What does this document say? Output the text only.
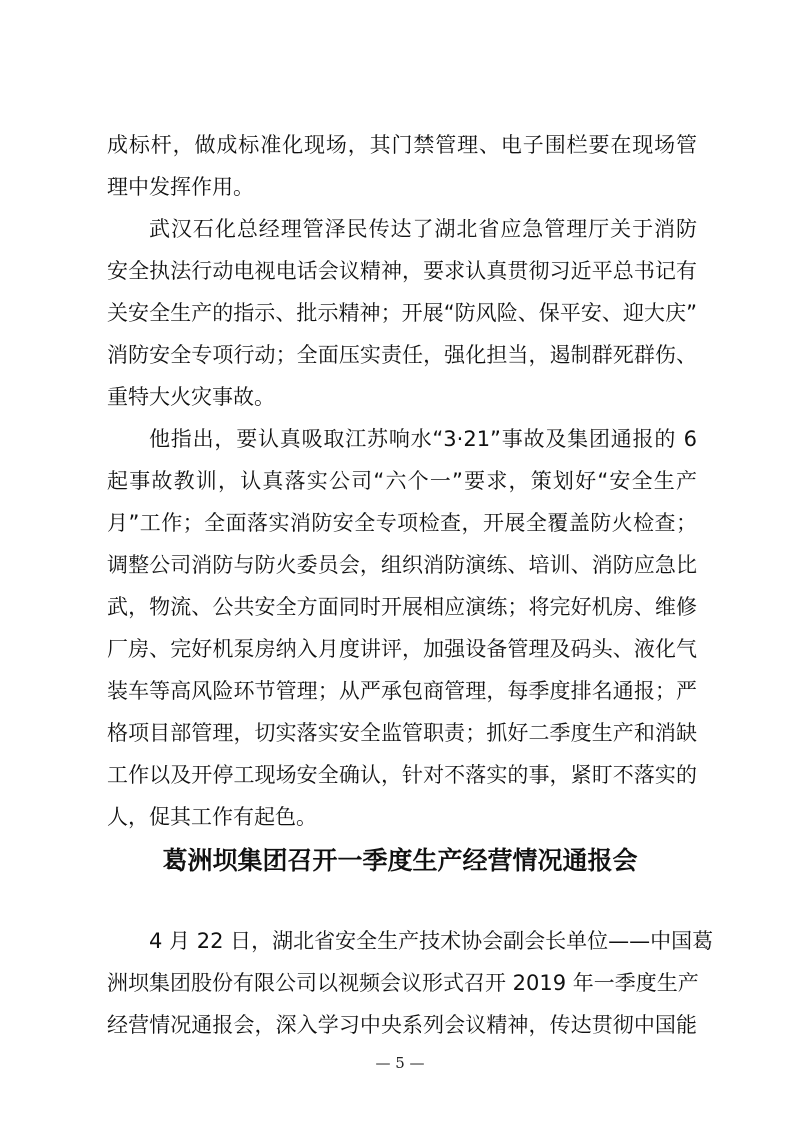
成标杆，做成标准化现场，其门禁管理、电子围栏要在现场管
理中发挥作用。
武汉石化总经理管泽民传达了湖北省应急管理厅关于消防
安全执法行动电视电话会议精神，要求认真贯彻习近平总书记有
关安全生产的指示、批示精神；开展“防风险、保平安、迎大庆”
消防安全专项行动；全面压实责任，强化担当，遏制群死群伤、
重特大火灾事故。
他指出，要认真吸取江苏响水“3·21”事故及集团通报的 6
起事故教训，认真落实公司“六个一”要求，策划好“安全生产
月”工作；全面落实消防安全专项检查，开展全覆盖防火检查；
调整公司消防与防火委员会，组织消防演练、培训、消防应急比
武，物流、公共安全方面同时开展相应演练；将完好机房、维修
厂房、完好机泵房纳入月度讲评，加强设备管理及码头、液化气
装车等高风险环节管理；从严承包商管理，每季度排名通报；严
格项目部管理，切实落实安全监管职责；抓好二季度生产和消缺
工作以及开停工现场安全确认，针对不落实的事，紧盯不落实的
人，促其工作有起色。
葛洲坝集团召开一季度生产经营情况通报会
4 月 22 日，湖北省安全生产技术协会副会长单位——中国葛
洲坝集团股份有限公司以视频会议形式召开 2019 年一季度生产
经营情况通报会，深入学习中央系列会议精神，传达贯彻中国能
— 5 —
